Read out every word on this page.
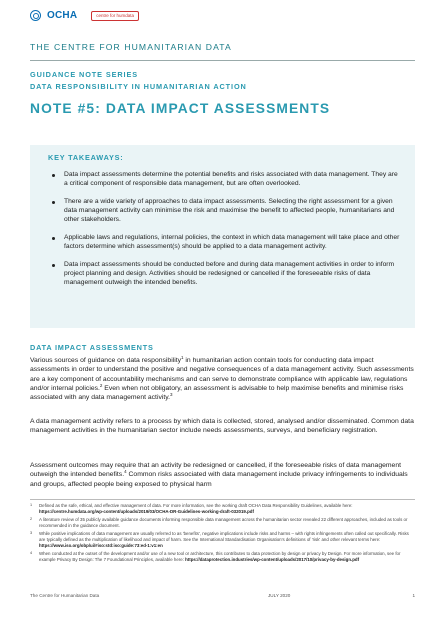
OCHA	centre for humdata
THE CENTRE FOR HUMANITARIAN DATA
GUIDANCE NOTE SERIES
DATA RESPONSIBILITY IN HUMANITARIAN ACTION
NOTE #5: DATA IMPACT ASSESSMENTS
KEY TAKEAWAYS:
Data impact assessments determine the potential benefits and risks associated with data management. They are a critical component of responsible data management, but are often overlooked.
There are a wide variety of approaches to data impact assessments. Selecting the right assessment for a given data management activity can minimise the risk and maximise the benefit to affected people, humanitarians and other stakeholders.
Applicable laws and regulations, internal policies, the context in which data management will take place and other factors determine which assessment(s) should be applied to a data management activity.
Data impact assessments should be conducted before and during data management activities in order to inform project planning and design. Activities should be redesigned or cancelled if the foreseeable risks of data management outweigh the intended benefits.
DATA IMPACT ASSESSMENTS

Various sources of guidance on data responsibility$^1$ in humanitarian action contain tools for conducting data impact assessments in order to understand the positive and negative consequences of a data management activity. Such assessments are a key component of accountability mechanisms and can serve to demonstrate compliance with applicable law, regulations and/or internal policies.$^2$ Even when not obligatory, an assessment is advisable to help maximise benefits and minimise risks associated with any data management activity.$^3$

A data management activity refers to a process by which data is collected, stored, analysed and/or disseminated. Common data management activities in the humanitarian sector include needs assessments, surveys, and beneficiary registration.

Assessment outcomes may require that an activity be redesigned or cancelled, if the foreseeable risks of data management outweigh the intended benefits.$^4$ Common risks associated with data management include privacy infringements to individuals and groups, affected people being exposed to physical harm

1 Defined as the safe, ethical, and effective management of data. For more information, see the working draft OCHA Data Responsibility Guidelines, available here: https://centre.humdata.org/wp-content/uploads/2019/03/OCHA-DR-Guidelines-working-draft-032019.pdf
2 A literature review of 35 publicly available guidance documents informing responsible data management across the humanitarian sector revealed 22 different approaches, included as tools or recommended in the guidance document.
3 While positive implications of data management are usually referred to as 'benefits', negative implications include risks and harms – with rights infringements often called out specifically. Risks are typically defined as the multiplication of likelihood and impact of harm. See the International Standardisation Organisation's definitions of 'risk' and other relevant terms here: https://www.iso.org/obp/ui/#iso:std:iso:guide:73:ed-1:v1:en
4 When conducted at the outset of the development and/or use of a new tool or architecture, this contributes to data protection by design or privacy by Design. For more information, see for example Privacy By Design: The 7 Foundational Principles, available here: https://dataprotection.industries/wp-content/uploads/2017/10/privacy-by-design.pdf
The Centre for Humanitarian Data	JULY 2020	1
